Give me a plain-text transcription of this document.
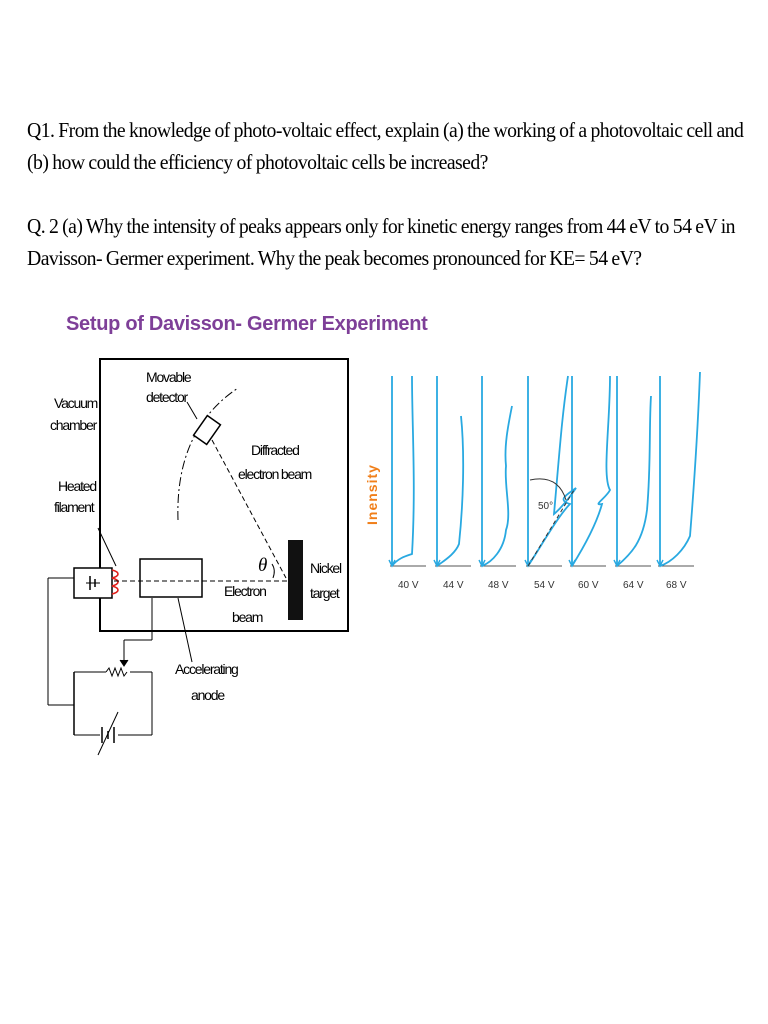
Q1. From the knowledge of photo-voltaic effect, explain (a) the working of a photovoltaic cell and (b) how could the efficiency of photovoltaic cells be increased?
Q. 2 (a) Why the intensity of peaks appears only for kinetic energy ranges from 44 eV to 54 eV in Davisson- Germer experiment. Why the peak becomes pronounced for KE= 54 eV?
Setup of Davisson- Germer Experiment
θ
Vacuum
chamber
Heated
filament
Movable
detector
Diffracted
electron beam
Nickel
target
Electron
beam
Accelerating
anode
Inensity
40 V 44 V 48 V	54 V 60 V 64 V 68 V
50°
